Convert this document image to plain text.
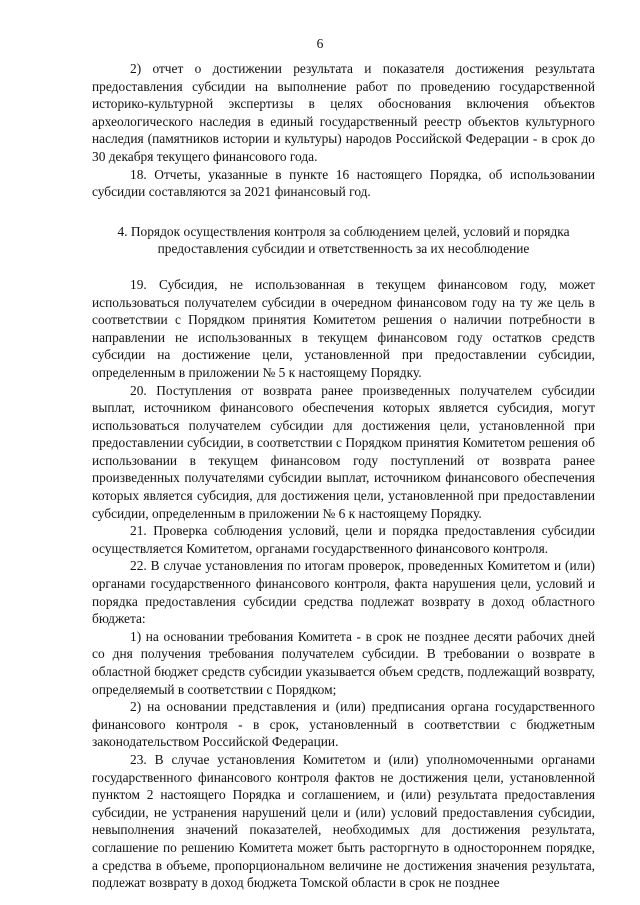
6

2) отчет о достижении результата и показателя достижения результата предоставления субсидии на выполнение работ по проведению государственной историко-культурной экспертизы в целях обоснования включения объектов археологического наследия в единый государственный реестр объектов культурного наследия (памятников истории и культуры) народов Российской Федерации - в срок до 30 декабря текущего финансового года.

18. Отчеты, указанные в пункте 16 настоящего Порядка, об использовании субсидии составляются за 2021 финансовый год.

4. Порядок осуществления контроля за соблюдением целей, условий и порядка
предоставления субсидии и ответственность за их несоблюдение

19. Субсидия, не использованная в текущем финансовом году, может использоваться получателем субсидии в очередном финансовом году на ту же цель в соответствии с Порядком принятия Комитетом решения о наличии потребности в направлении не использованных в текущем финансовом году остатков средств субсидии на достижение цели, установленной при предоставлении субсидии, определенным в приложении № 5 к настоящему Порядку.

20. Поступления от возврата ранее произведенных получателем субсидии выплат, источником финансового обеспечения которых является субсидия, могут использоваться получателем субсидии для достижения цели, установленной при предоставлении субсидии, в соответствии с Порядком принятия Комитетом решения об использовании в текущем финансовом году поступлений от возврата ранее произведенных получателями субсидии выплат, источником финансового обеспечения которых является субсидия, для достижения цели, установленной при предоставлении субсидии, определенным в приложении № 6 к настоящему Порядку.

21. Проверка соблюдения условий, цели и порядка предоставления субсидии осуществляется Комитетом, органами государственного финансового контроля.

22. В случае установления по итогам проверок, проведенных Комитетом и (или) органами государственного финансового контроля, факта нарушения цели, условий и порядка предоставления субсидии средства подлежат возврату в доход областного бюджета:

1) на основании требования Комитета - в срок не позднее десяти рабочих дней со дня получения требования получателем субсидии. В требовании о возврате в областной бюджет средств субсидии указывается объем средств, подлежащий возврату, определяемый в соответствии с Порядком;

2) на основании представления и (или) предписания органа государственного финансового контроля - в срок, установленный в соответствии с бюджетным законодательством Российской Федерации.

23. В случае установления Комитетом и (или) уполномоченными органами государственного финансового контроля фактов не достижения цели, установленной пунктом 2 настоящего Порядка и соглашением, и (или) результата предоставления субсидии, не устранения нарушений цели и (или) условий предоставления субсидии, невыполнения значений показателей, необходимых для достижения результата, соглашение по решению Комитета может быть расторгнуто в одностороннем порядке, а средства в объеме, пропорциональном величине не достижения значения результата, подлежат возврату в доход бюджета Томской области в срок не позднее
